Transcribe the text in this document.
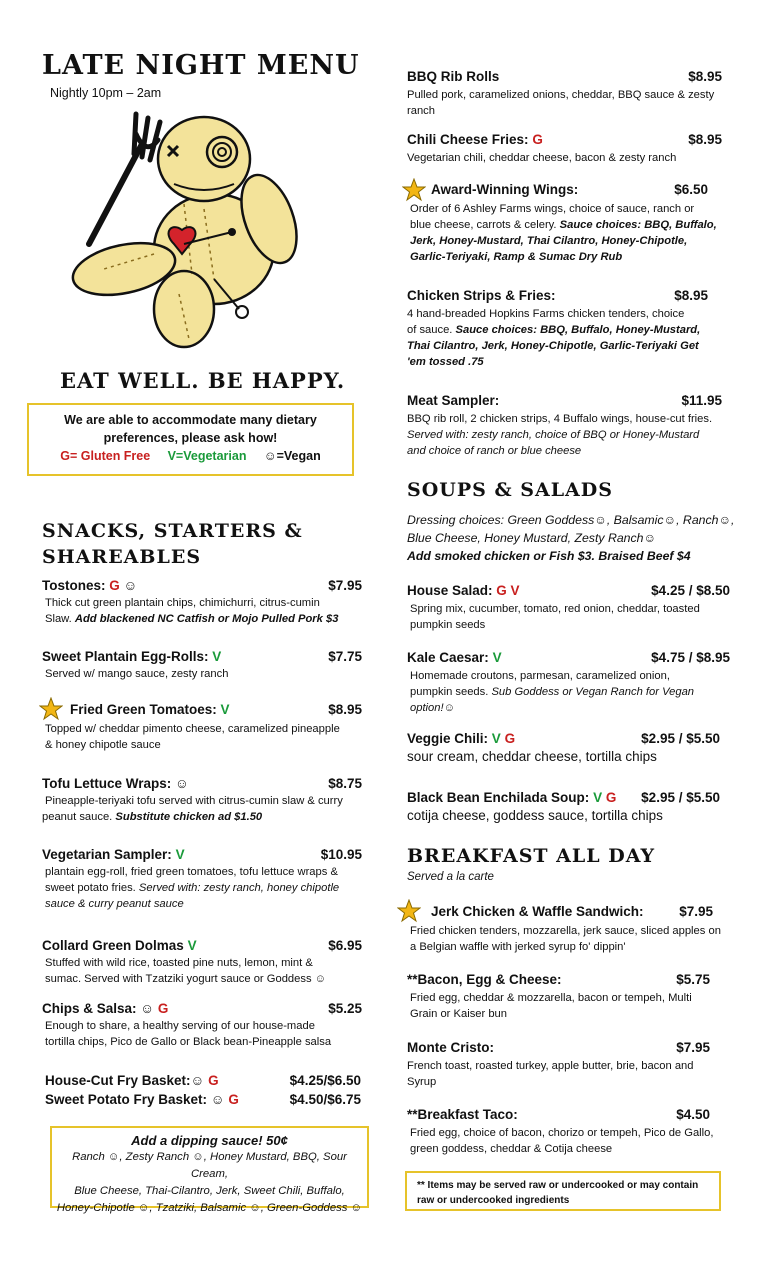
LATE NIGHT MENU
Nightly 10pm – 2am
EAT WELL. BE HAPPY.
We are able to accommodate many dietary
preferences, please ask how!
G= Gluten Free V=Vegetarian ☺=Vegan
SNACKS, STARTERS &
SHAREABLES
Tostones: G ☺	$7.95
Thick cut green plantain chips, chimichurri, citrus-cumin
Slaw. Add blackened NC Catfish or Mojo Pulled Pork $3
Sweet Plantain Egg-Rolls: V	$7.75
Served w/ mango sauce, zesty ranch
Fried Green Tomatoes: V	$8.95
Topped w/ cheddar pimento cheese, caramelized pineapple
& honey chipotle sauce
Tofu Lettuce Wraps: ☺	$8.75
Pineapple-teriyaki tofu served with citrus-cumin slaw & curry
peanut sauce. Substitute chicken ad $1.50
Vegetarian Sampler: V	$10.95
plantain egg-roll, fried green tomatoes, tofu lettuce wraps &
sweet potato fries. Served with: zesty ranch, honey chipotle
sauce & curry peanut sauce
Collard Green Dolmas V	$6.95
Stuffed with wild rice, toasted pine nuts, lemon, mint &
sumac. Served with Tzatziki yogurt sauce or Goddess ☺
Chips & Salsa: ☺ G	$5.25
Enough to share, a healthy serving of our house-made
tortilla chips, Pico de Gallo or Black bean-Pineapple salsa
House-Cut Fry Basket:☺ G	$4.25/$6.50
Sweet Potato Fry Basket: ☺ G	$4.50/$6.75
Add a dipping sauce! 50¢
Ranch ☺, Zesty Ranch ☺, Honey Mustard, BBQ, Sour Cream,
Blue Cheese, Thai-Cilantro, Jerk, Sweet Chili, Buffalo,
Honey-Chipotle ☺, Tzatziki, Balsamic ☺, Green-Goddess ☺
BBQ Rib Rolls	$8.95
Pulled pork, caramelized onions, cheddar, BBQ sauce & zesty
ranch
Chili Cheese Fries: G	$8.95
Vegetarian chili, cheddar cheese, bacon & zesty ranch
Award-Winning Wings:	$6.50
Order of 6 Ashley Farms wings, choice of sauce, ranch or
blue cheese, carrots & celery. Sauce choices: BBQ, Buffalo,
Jerk, Honey-Mustard, Thai Cilantro, Honey-Chipotle,
Garlic-Teriyaki, Ramp & Sumac Dry Rub
Chicken Strips & Fries:	$8.95
4 hand-breaded Hopkins Farms chicken tenders, choice
of sauce. Sauce choices: BBQ, Buffalo, Honey-Mustard,
Thai Cilantro, Jerk, Honey-Chipotle, Garlic-Teriyaki Get
'em tossed .75
Meat Sampler:	$11.95
BBQ rib roll, 2 chicken strips, 4 Buffalo wings, house-cut fries.
Served with: zesty ranch, choice of BBQ or Honey-Mustard
and choice of ranch or blue cheese
SOUPS & SALADS
Dressing choices: Green Goddess☺, Balsamic☺, Ranch☺,
Blue Cheese, Honey Mustard, Zesty Ranch☺
Add smoked chicken or Fish $3. Braised Beef $4
House Salad: G V	$4.25 / $8.50
Spring mix, cucumber, tomato, red onion, cheddar, toasted
pumpkin seeds
Kale Caesar: V	$4.75 / $8.95
Homemade croutons, parmesan, caramelized onion,
pumpkin seeds. Sub Goddess or Vegan Ranch for Vegan
option!☺
Veggie Chili: V G	$2.95 / $5.50
sour cream, cheddar cheese, tortilla chips
Black Bean Enchilada Soup: V G $2.95 / $5.50
cotija cheese, goddess sauce, tortilla chips
BREAKFAST ALL DAY
Served a la carte
Jerk Chicken & Waffle Sandwich:	$7.95
Fried chicken tenders, mozzarella, jerk sauce, sliced apples on
a Belgian waffle with jerked syrup fo' dippin'
**Bacon, Egg & Cheese:	$5.75
Fried egg, cheddar & mozzarella, bacon or tempeh, Multi
Grain or Kaiser bun
Monte Cristo:	$7.95
French toast, roasted turkey, apple butter, brie, bacon and
Syrup
**Breakfast Taco:	$4.50
Fried egg, choice of bacon, chorizo or tempeh, Pico de Gallo,
green goddess, cheddar & Cotija cheese
** Items may be served raw or undercooked or may contain
raw or undercooked ingredients
